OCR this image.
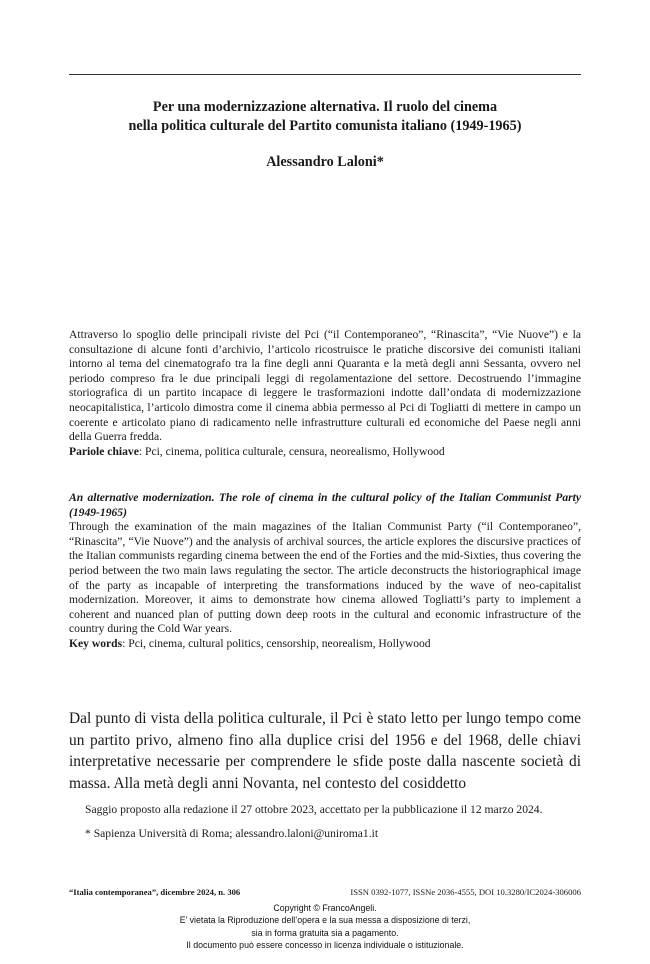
Per una modernizzazione alternativa. Il ruolo del cinema
nella politica culturale del Partito comunista italiano (1949-1965)
Alessandro Laloni*
Attraverso lo spoglio delle principali riviste del Pci (“il Contemporaneo”, “Rinascita”, “Vie Nuove”) e la consultazione di alcune fonti d’archivio, l’articolo ricostruisce le pratiche discorsive dei comunisti italiani intorno al tema del cinematografo tra la fine degli anni Quaranta e la metà degli anni Sessanta, ovvero nel periodo compreso fra le due principali leggi di regolamentazione del settore. Decostruendo l’immagine storiografica di un partito incapace di leggere le trasformazioni indotte dall’ondata di modernizzazione neocapitalistica, l’articolo dimostra come il cinema abbia permesso al Pci di Togliatti di mettere in campo un coerente e articolato piano di radicamento nelle infrastrutture culturali ed economiche del Paese negli anni della Guerra fredda.
Pariole chiave: Pci, cinema, politica culturale, censura, neorealismo, Hollywood
An alternative modernization. The role of cinema in the cultural policy of the Italian Communist Party (1949-1965)
Through the examination of the main magazines of the Italian Communist Party (“il Contemporaneo”, “Rinascita”, “Vie Nuove”) and the analysis of archival sources, the article explores the discursive practices of the Italian communists regarding cinema between the end of the Forties and the mid-Sixties, thus covering the period between the two main laws regulating the sector. The article deconstructs the historiographical image of the party as incapable of interpreting the transformations induced by the wave of neo-capitalist modernization. Moreover, it aims to demonstrate how cinema allowed Togliatti’s party to implement a coherent and nuanced plan of putting down deep roots in the cultural and economic infrastructure of the country during the Cold War years.
Key words: Pci, cinema, cultural politics, censorship, neorealism, Hollywood
Dal punto di vista della politica culturale, il Pci è stato letto per lungo tempo come un partito privo, almeno fino alla duplice crisi del 1956 e del 1968, delle chiavi interpretative necessarie per comprendere le sfide poste dalla nascente società di massa. Alla metà degli anni Novanta, nel contesto del cosiddetto
Saggio proposto alla redazione il 27 ottobre 2023, accettato per la pubblicazione il 12 marzo 2024.
* Sapienza Università di Roma; alessandro.laloni@uniroma1.it
“Italia contemporanea”, dicembre 2024, n. 306	ISSN 0392-1077, ISSNe 2036-4555, DOI 10.3280/IC2024-306006
Copyright © FrancoAngeli.
E’ vietata la Riproduzione dell’opera e la sua messa a disposizione di terzi,
sia in forma gratuita sia a pagamento.
Il documento può essere concesso in licenza individuale o istituzionale.
